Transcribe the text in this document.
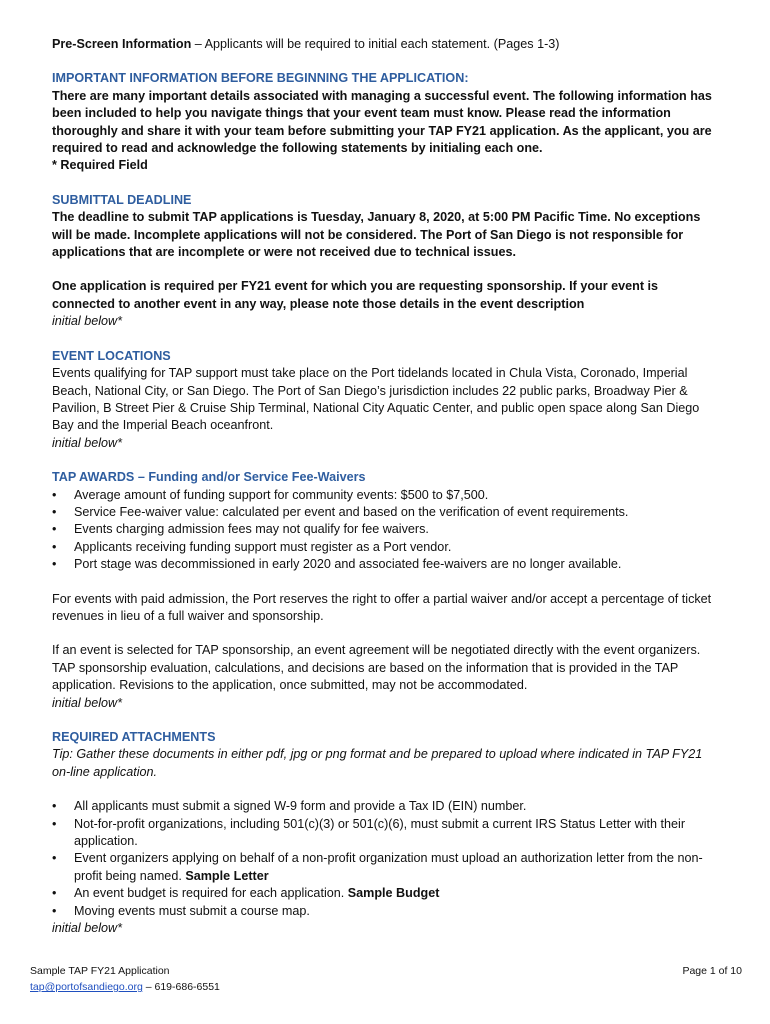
Pre-Screen Information – Applicants will be required to initial each statement. (Pages 1-3)

IMPORTANT INFORMATION BEFORE BEGINNING THE APPLICATION:

There are many important details associated with managing a successful event. The following information has been included to help you navigate things that your event team must know. Please read the information thoroughly and share it with your team before submitting your TAP FY21 application. As the applicant, you are required to read and acknowledge the following statements by initialing each one.

* Required Field

SUBMITTAL DEADLINE

The deadline to submit TAP applications is Tuesday, January 8, 2020, at 5:00 PM Pacific Time. No exceptions will be made. Incomplete applications will not be considered. The Port of San Diego is not responsible for applications that are incomplete or were not received due to technical issues.

One application is required per FY21 event for which you are requesting sponsorship. If your event is connected to another event in any way, please note those details in the event description

initial below*

EVENT LOCATIONS

Events qualifying for TAP support must take place on the Port tidelands located in Chula Vista, Coronado, Imperial Beach, National City, or San Diego. The Port of San Diego’s jurisdiction includes 22 public parks, Broadway Pier & Pavilion, B Street Pier & Cruise Ship Terminal, National City Aquatic Center, and public open space along San Diego Bay and the Imperial Beach oceanfront.

initial below*

TAP AWARDS – Funding and/or Service Fee-Waivers

• Average amount of funding support for community events: $500 to $7,500.
• Service Fee-waiver value: calculated per event and based on the verification of event requirements.
• Events charging admission fees may not qualify for fee waivers.
• Applicants receiving funding support must register as a Port vendor.
• Port stage was decommissioned in early 2020 and associated fee-waivers are no longer available.

For events with paid admission, the Port reserves the right to offer a partial waiver and/or accept a percentage of ticket revenues in lieu of a full waiver and sponsorship.

If an event is selected for TAP sponsorship, an event agreement will be negotiated directly with the event organizers. TAP sponsorship evaluation, calculations, and decisions are based on the information that is provided in the TAP application. Revisions to the application, once submitted, may not be accommodated.

initial below*

REQUIRED ATTACHMENTS

Tip: Gather these documents in either pdf, jpg or png format and be prepared to upload where indicated in TAP FY21 on-line application.

• All applicants must submit a signed W-9 form and provide a Tax ID (EIN) number.
• Not-for-profit organizations, including 501(c)(3) or 501(c)(6), must submit a current IRS Status Letter with their application.
• Event organizers applying on behalf of a non-profit organization must upload an authorization letter from the non-profit being named. Sample Letter
• An event budget is required for each application. Sample Budget
• Moving events must submit a course map.

initial below*

Sample TAP FY21 Application
tap@portofsandiego.org – 619-686-6551
Page 1 of 10
